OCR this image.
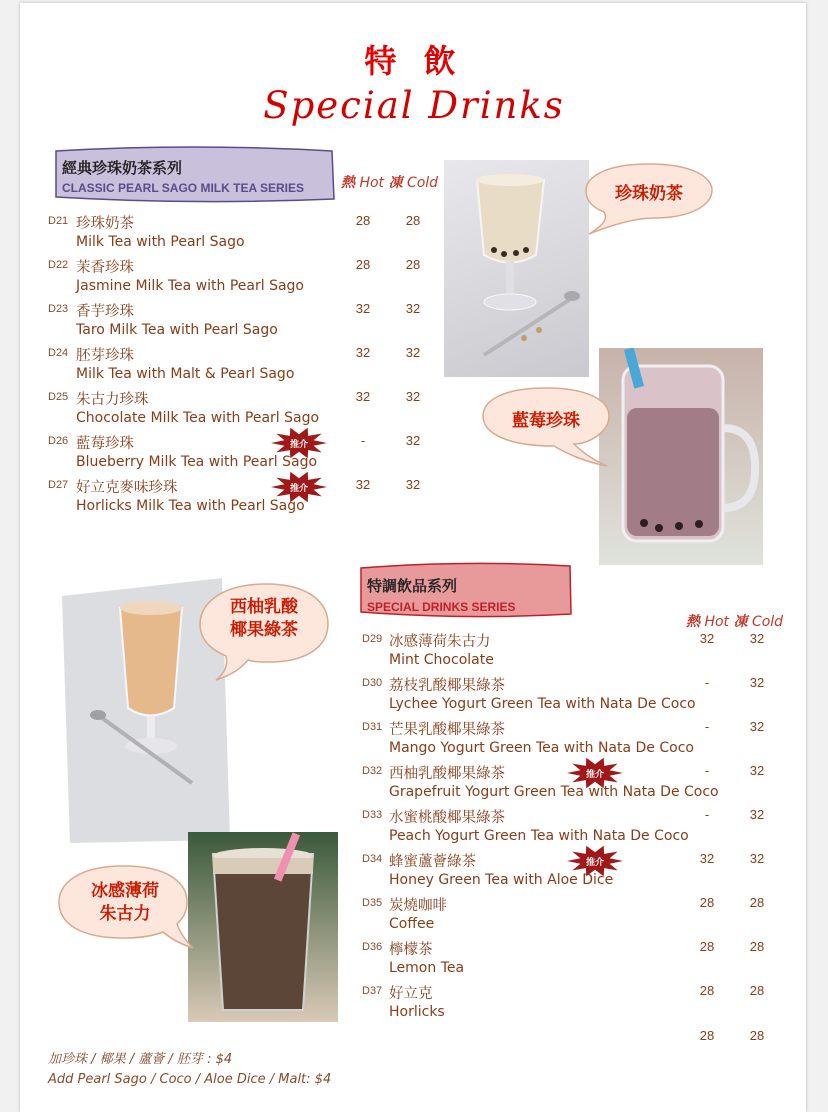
特 飲
Special Drinks
經典珍珠奶茶系列
CLASSIC PEARL SAGO MILK TEA SERIES	熱 Hot 凍 Cold
D21 珍珠奶茶
Milk Tea with Pearl Sago
28	28
D22 茉香珍珠
Jasmine Milk Tea with Pearl Sago
28	28
D23 香芋珍珠
Taro Milk Tea with Pearl Sago
32	32
D24 胚芽珍珠
Milk Tea with Malt & Pearl Sago
32	32
D25 朱古力珍珠
Chocolate Milk Tea with Pearl Sago
32	32
D26 藍莓珍珠
Blueberry Milk Tea with Pearl Sago
-	32
推介
D27 好立克麥味珍珠
Horlicks Milk Tea with Pearl Sago
32	32
推介
特調飲品系列
SPECIAL DRINKS SERIES
熱 Hot 凍 Cold
D29 冰感薄荷朱古力
Mint Chocolate
32	32
D30 荔枝乳酸椰果綠茶
Lychee Yogurt Green Tea with Nata De Coco
-	32
D31 芒果乳酸椰果綠茶
Mango Yogurt Green Tea with Nata De Coco
-	32
D32 西柚乳酸椰果綠茶
Grapefruit Yogurt Green Tea with Nata De Coco
-	32
推介
D33 水蜜桃酸椰果綠茶
Peach Yogurt Green Tea with Nata De Coco
-	32
D34 蜂蜜蘆薈綠茶
Honey Green Tea with Aloe Dice
32	32
推介
D35 炭燒咖啡
Coffee
28	28
D36 檸檬茶
Lemon Tea
28	28
D37 好立克
Horlicks
28	28
28	28
珍珠奶茶
藍莓珍珠
西柚乳酸
椰果綠茶
冰感薄荷
朱古力
加珍珠 / 椰果 / 蘆薈 / 胚芽 : $4
Add Pearl Sago / Coco / Aloe Dice / Malt: $4
